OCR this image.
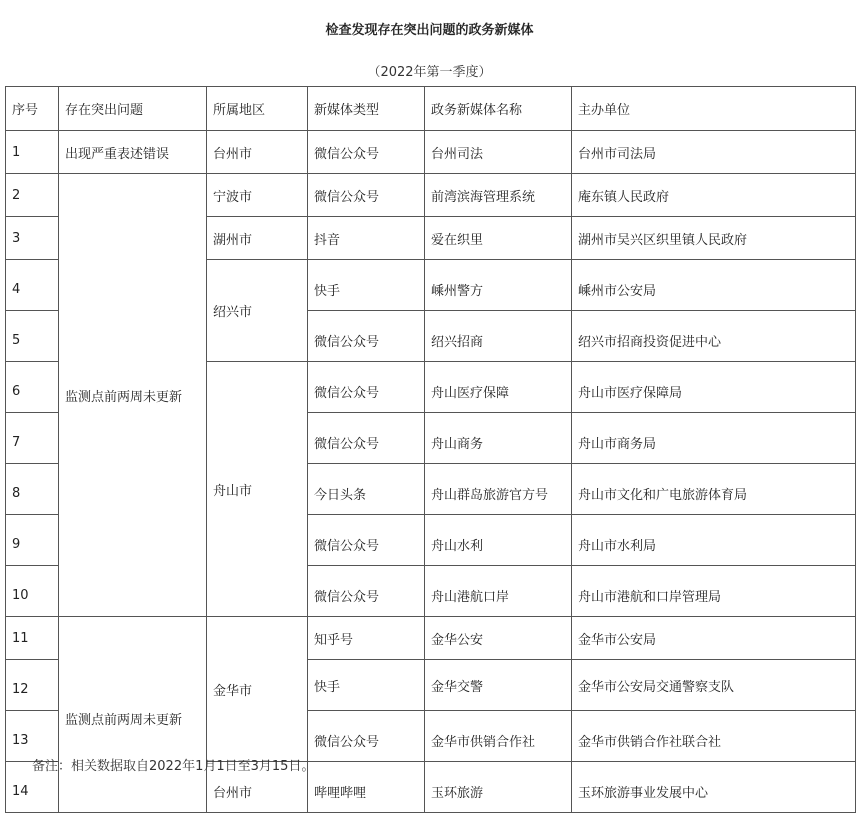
检查发现存在突出问题的政务新媒体
（2022年第一季度）
序号	存在突出问题	所属地区	新媒体类型	政务新媒体名称	主办单位
1	出现严重表述错误	台州市	微信公众号	台州司法	台州市司法局
2	监测点前两周未更新	宁波市	微信公众号	前湾滨海管理系统	庵东镇人民政府
3		湖州市	抖音	爱在织里	湖州市吴兴区织里镇人民政府
4		绍兴市	快手	嵊州警方	嵊州市公安局
5			微信公众号	绍兴招商	绍兴市招商投资促进中心
6		舟山市	微信公众号	舟山医疗保障	舟山市医疗保障局
7			微信公众号	舟山商务	舟山市商务局
8			今日头条	舟山群岛旅游官方号	舟山市文化和广电旅游体育局
9			微信公众号	舟山水利	舟山市水利局
10			微信公众号	舟山港航口岸	舟山市港航和口岸管理局
11	监测点前两周未更新	金华市	知乎号	金华公安	金华市公安局
12			快手	金华交警	金华市公安局交通警察支队
13			微信公众号	金华市供销合作社	金华市供销合作社联合社
14		台州市	哔哩哔哩	玉环旅游	玉环旅游事业发展中心
备注：相关数据取自2022年1月1日至3月15日。
